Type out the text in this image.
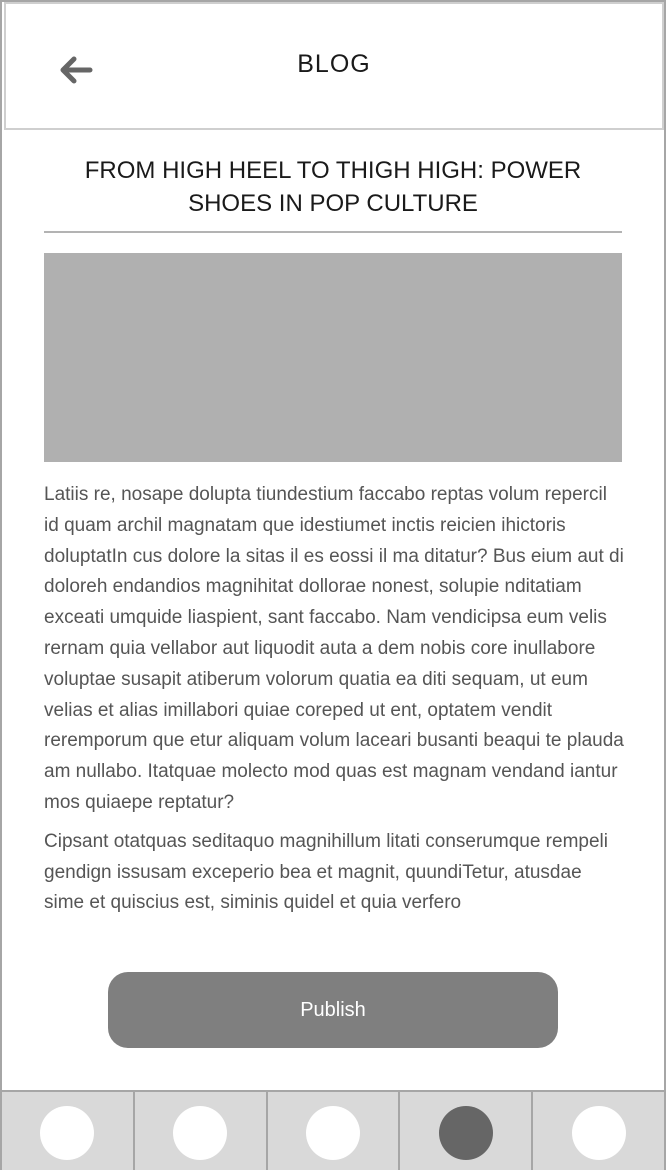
BLOG
FROM HIGH HEEL TO THIGH HIGH: POWER SHOES IN POP CULTURE

Latiis re, nosape dolupta tiundestium faccabo reptas volum repercil id quam archil magnatam que idestiumet inctis reicien ihictoris doluptatIn cus dolore la sitas il es eossi il ma ditatur? Bus eium aut di doloreh endandios magnihitat dollorae nonest, solupie nditatiam exceati umquide liaspient, sant faccabo. Nam vendicipsa eum velis rernam quia vellabor aut liquodit auta a dem nobis core inullabore voluptae susapit atiberum volorum quatia ea diti sequam, ut eum velias et alias imillabori quiae coreped ut ent, optatem vendit reremporum que etur aliquam volum laceari busanti beaqui te plauda am nullabo. Itatquae molecto mod quas est magnam vendand iantur mos quiaepe reptatur?

Cipsant otatquas seditaquo magnihillum litati conserumque rempeli gendign issusam exceperio bea et magnit, quundiTetur, atusdae sime et quiscius est, siminis quidel et quia verfero

Publish
